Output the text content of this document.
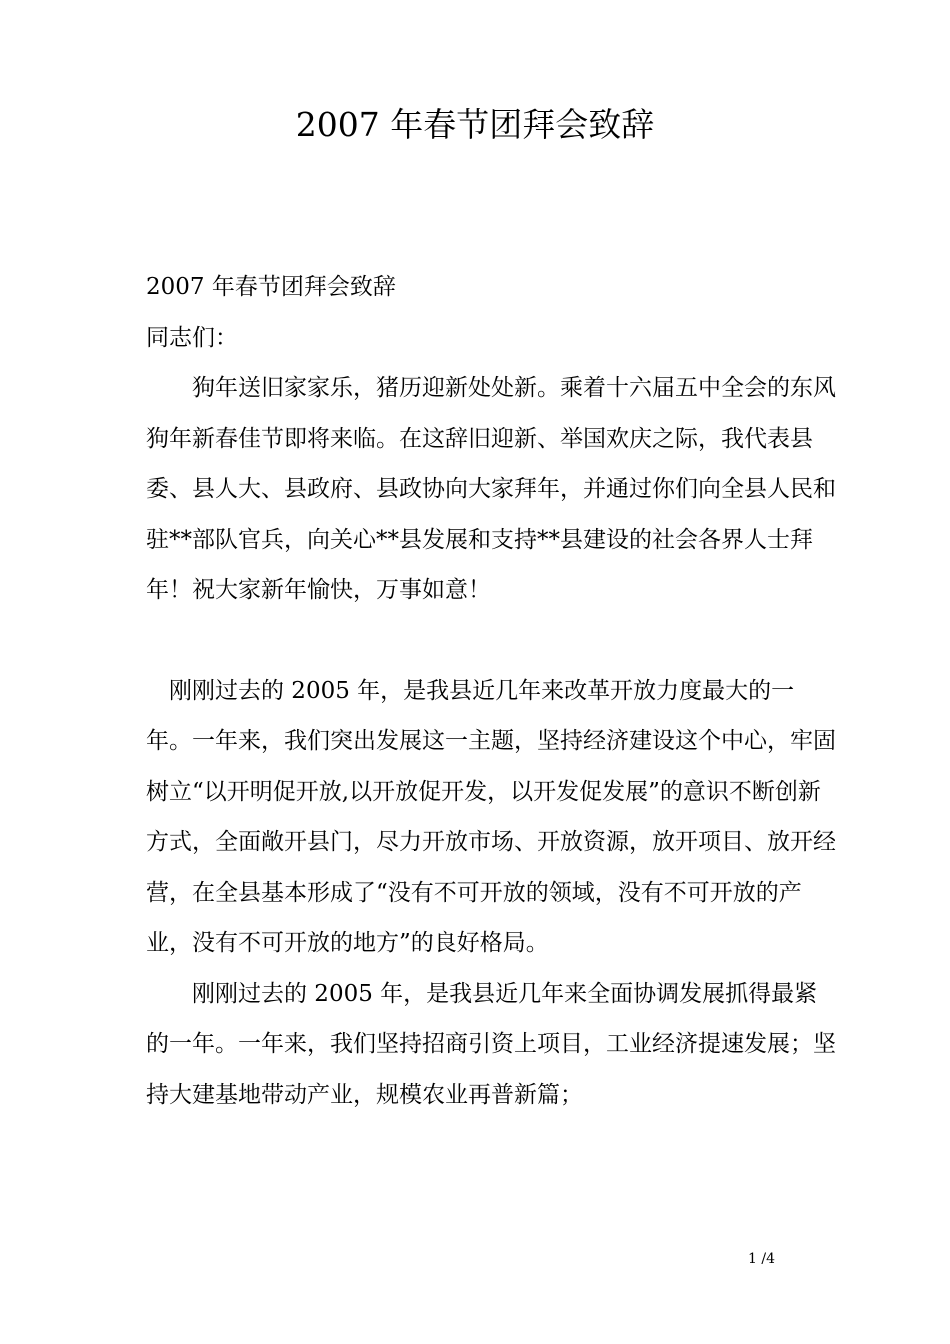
2007 年春节团拜会致辞

2007 年春节团拜会致辞

同志们：

狗年送旧家家乐，猪历迎新处处新。乘着十六届五中全会的东风狗年新春佳节即将来临。在这辞旧迎新、举国欢庆之际，我代表县委、县人大、县政府、县政协向大家拜年，并通过你们向全县人民和驻**部队官兵，向关心**县发展和支持**县建设的社会各界人士拜年！祝大家新年愉快，万事如意！

刚刚过去的 2005 年，是我县近几年来改革开放力度最大的一年。一年来，我们突出发展这一主题，坚持经济建设这个中心，牢固树立“以开明促开放,以开放促开发，以开发促发展”的意识不断创新方式，全面敞开县门，尽力开放市场、开放资源，放开项目、放开经营，在全县基本形成了“没有不可开放的领域，没有不可开放的产业，没有不可开放的地方”的良好格局。

刚刚过去的 2005 年，是我县近几年来全面协调发展抓得最紧的一年。一年来，我们坚持招商引资上项目，工业经济提速发展；坚持大建基地带动产业，规模农业再普新篇；

1 /4
